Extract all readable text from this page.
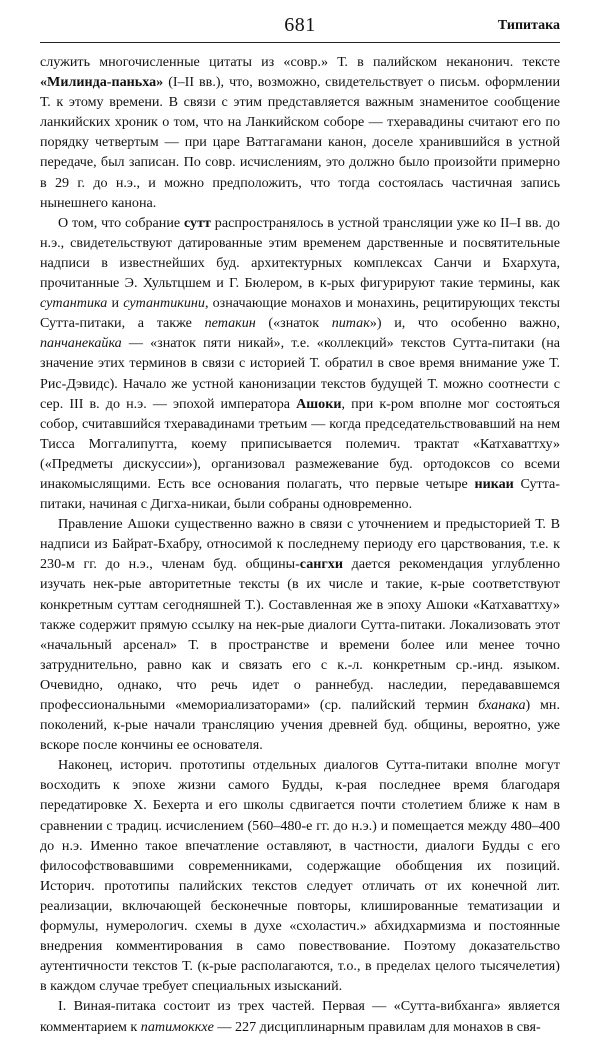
681	Типитака

служить многочисленные цитаты из «совр.» Т. в палийском неканонич. тексте «Милинда-паньха» (I–II вв.), что, возможно, свидетельствует о письм. оформлении Т. к этому времени. В связи с этим представляется важным знаменитое сообщение ланкийских хроник о том, что на Ланкийском соборе — тхеравадины считают его по порядку четвертым — при царе Ваттагамани канон, доселе хранившийся в устной передаче, был записан. По совр. исчислениям, это должно было произойти примерно в 29 г. до н.э., и можно предположить, что тогда состоялась частичная запись нынешнего канона.

О том, что собрание сутт распространялось в устной трансляции уже ко II–I вв. до н.э., свидетельствуют датированные этим временем дарственные и посвятительные надписи в известнейших буд. архитектурных комплексах Санчи и Бхархута, прочитанные Э. Хультцшем и Г. Бюлером, в к-рых фигурируют такие термины, как сутантика и сутантикини, означающие монахов и монахинь, рецитирующих тексты Сутта-питаки, а также петакин («знаток питак») и, что особенно важно, панчанекайка — «знаток пяти никай», т.е. «коллекций» текстов Сутта-питаки (на значение этих терминов в связи с историей Т. обратил в свое время внимание уже Т. Рис-Дэвидс). Начало же устной канонизации текстов будущей Т. можно соотнести с сер. III в. до н.э. — эпохой императора Ашоки, при к-ром вполне мог состояться собор, считавшийся тхеравадинами третьим — когда председательствовавший на нем Тисса Моггалипутта, коему приписывается полемич. трактат «Катхаваттху» («Предметы дискуссии»), организовал размежевание буд. ортодоксов со всеми инакомыслящими. Есть все основания полагать, что первые четыре никаи Сутта-питаки, начиная с Дигха-никаи, были собраны одновременно.

Правление Ашоки существенно важно в связи с уточнением и предысторией Т. В надписи из Байрат-Бхабру, относимой к последнему периоду его царствования, т.е. к 230-м гг. до н.э., членам буд. общины-сангхи дается рекомендация углубленно изучать нек-рые авторитетные тексты (в их числе и такие, к-рые соответствуют конкретным суттам сегодняшней Т.). Составленная же в эпоху Ашоки «Катхаваттху» также содержит прямую ссылку на нек-рые диалоги Сутта-питаки. Локализовать этот «начальный арсенал» Т. в пространстве и времени более или менее точно затруднительно, равно как и связать его с к.-л. конкретным ср.-инд. языком. Очевидно, однако, что речь идет о раннебуд. наследии, передававшемся профессиональными «мемориализаторами» (ср. палийский термин бханака) мн. поколений, к-рые начали трансляцию учения древней буд. общины, вероятно, уже вскоре после кончины ее основателя.

Наконец, историч. прототипы отдельных диалогов Сутта-питаки вполне могут восходить к эпохе жизни самого Будды, к-рая последнее время благодаря передатировке Х. Бехерта и его школы сдвигается почти столетием ближе к нам в сравнении с традиц. исчислением (560–480-е гг. до н.э.) и помещается между 480–400 до н.э. Именно такое впечатление оставляют, в частности, диалоги Будды с его философствовавшими современниками, содержащие обобщения их позиций. Историч. прототипы палийских текстов следует отличать от их конечной лит. реализации, включающей бесконечные повторы, клишированные тематизации и формулы, нумерологич. схемы в духе «схоластич.» абхидхармизма и постоянные внедрения комментирования в само повествование. Поэтому доказательство аутентичности текстов Т. (к-рые располагаются, т.о., в пределах целого тысячелетия) в каждом случае требует специальных изысканий.

I. Виная-питака состоит из трех частей. Первая — «Сутта-вибханга» является комментарием к патимоккхе — 227 дисциплинарным правилам для монахов в свя-
